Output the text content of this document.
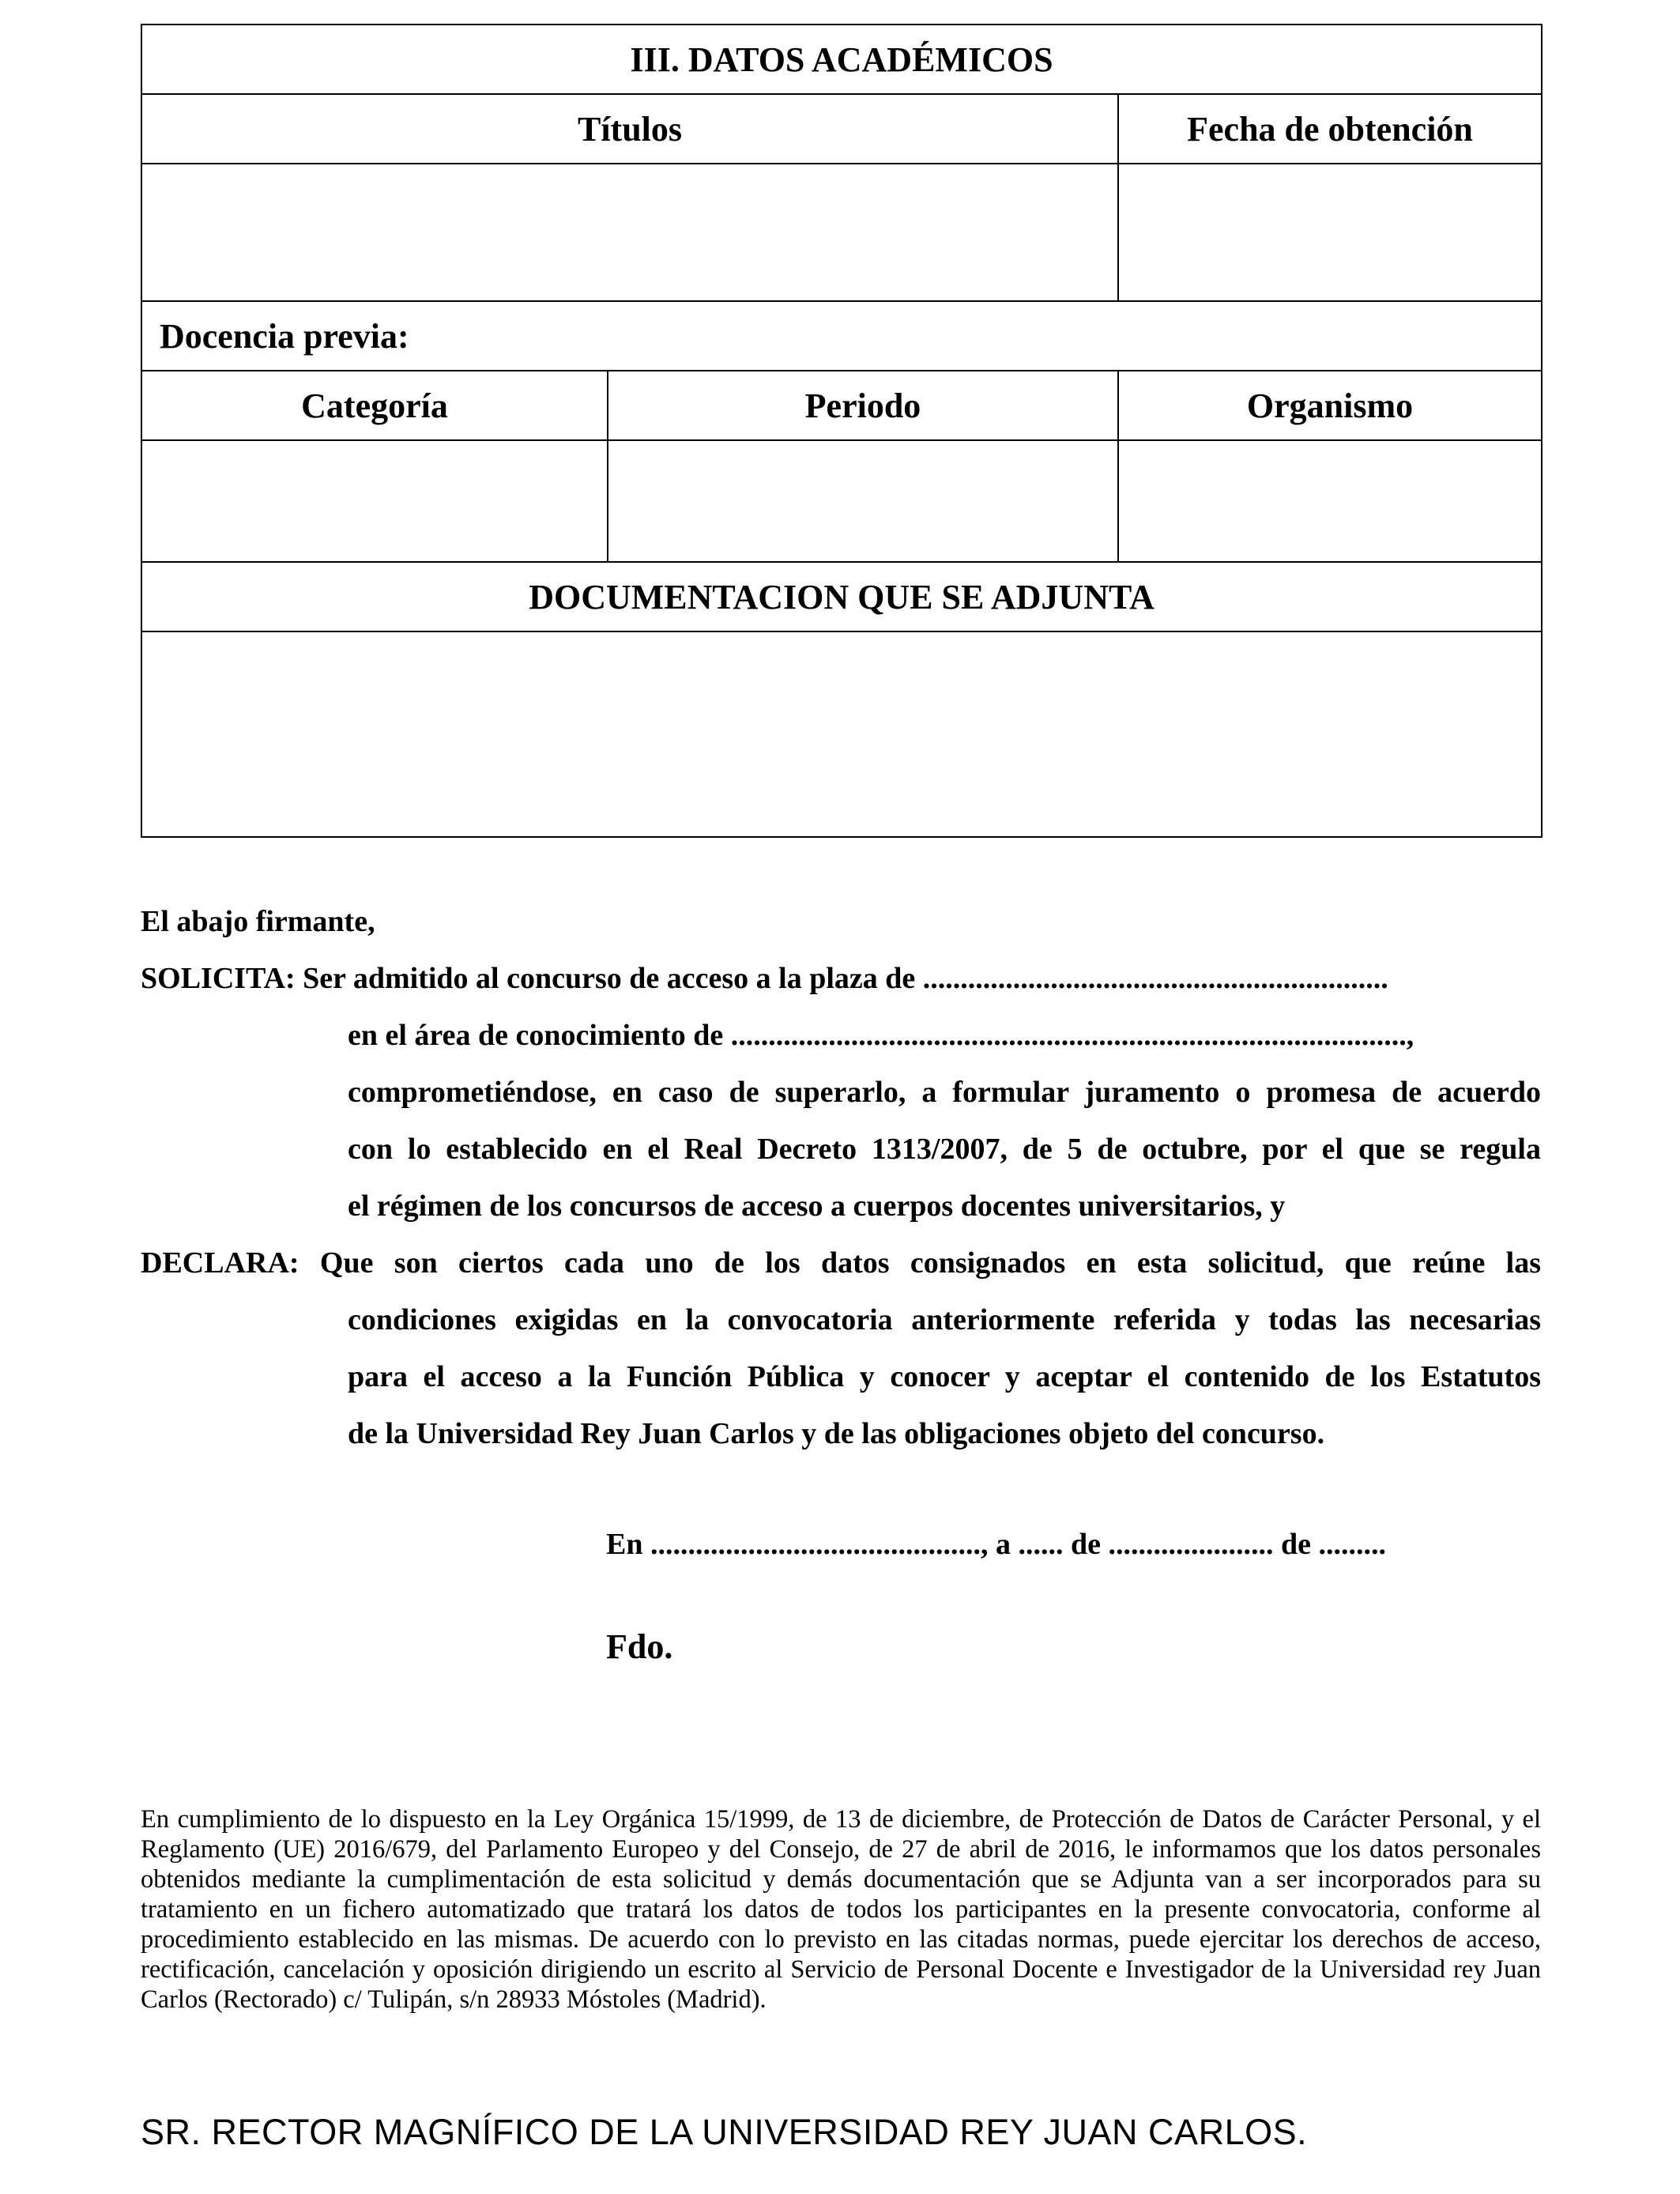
III. DATOS ACADÉMICOS		
Títulos		Fecha de obtención

Docencia previa:		
Categoría	Periodo	Organismo

DOCUMENTACION QUE SE ADJUNTA		

El abajo firmante,
SOLICITA: Ser admitido al concurso de acceso a la plaza de ..............................................................
en el área de conocimiento de ..........................................................................................,
comprometiéndose, en caso de superarlo, a formular juramento o promesa de acuerdo
con lo establecido en el Real Decreto 1313/2007, de 5 de octubre, por el que se regula
el régimen de los concursos de acceso a cuerpos docentes universitarios, y
DECLARA: Que son ciertos cada uno de los datos consignados en esta solicitud, que reúne las
condiciones exigidas en la convocatoria anteriormente referida y todas las necesarias
para el acceso a la Función Pública y conocer y aceptar el contenido de los Estatutos
de la Universidad Rey Juan Carlos y de las obligaciones objeto del concurso.
En ............................................, a ...... de ...................... de .........
Fdo.
En cumplimiento de lo dispuesto en la Ley Orgánica 15/1999, de 13 de diciembre, de Protección de Datos de Carácter Personal, y el Reglamento (UE) 2016/679, del Parlamento Europeo y del Consejo, de 27 de abril de 2016, le informamos que los datos personales obtenidos mediante la cumplimentación de esta solicitud y demás documentación que se Adjunta van a ser incorporados para su tratamiento en un fichero automatizado que tratará los datos de todos los participantes en la presente convocatoria, conforme al procedimiento establecido en las mismas. De acuerdo con lo previsto en las citadas normas, puede ejercitar los derechos de acceso, rectificación, cancelación y oposición dirigiendo un escrito al Servicio de Personal Docente e Investigador de la Universidad rey Juan Carlos (Rectorado) c/ Tulipán, s/n 28933 Móstoles (Madrid).
SR. RECTOR MAGNÍFICO DE LA UNIVERSIDAD REY JUAN CARLOS.
